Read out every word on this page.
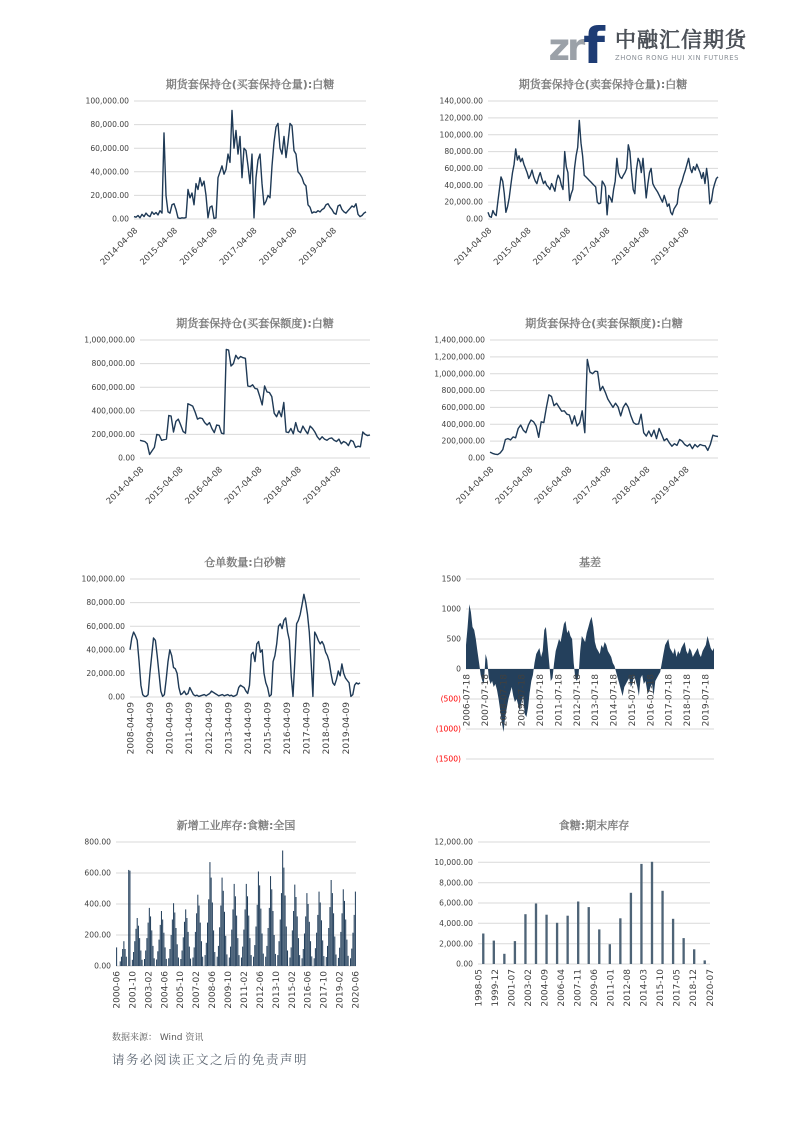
zr f 中融汇信期货
ZHONG RONG HUI XIN FUTURES
期货套保持仓(买套保持仓量):白糖
0.00
20,000.00
40,000.00
60,000.00
80,000.00
100,000.00
2014-04-08
2015-04-08
2016-04-08
2017-04-08
2018-04-08
2019-04-08
期货套保持仓(卖套保持仓量):白糖
0.00
20,000.00
40,000.00
60,000.00
80,000.00
100,000.00
120,000.00
140,000.00
2014-04-08
2015-04-08
2016-04-08
2017-04-08
2018-04-08
2019-04-08
期货套保持仓(买套保额度):白糖
0.00
200,000.00
400,000.00
600,000.00
800,000.00
1,000,000.00
2014-04-08
2015-04-08
2016-04-08
2017-04-08
2018-04-08
2019-04-08
期货套保持仓(卖套保额度):白糖
0.00
200,000.00
400,000.00
600,000.00
800,000.00
1,000,000.00
1,200,000.00
1,400,000.00
2014-04-08
2015-04-08
2016-04-08
2017-04-08
2018-04-08
2019-04-08
仓单数量:白砂糖
0.00
20,000.00
40,000.00
60,000.00
80,000.00
100,000.00
2008-04-09 2009-04-09 2010-04-09 2011-04-09 2012-04-09 2013-04-09 2014-04-09 2015-04-09 2016-04-09 2017-04-09 2018-04-09 2019-04-09
基差
(1500)
(1000)
(500)
0
500
1000
1500
2006-07-18 2007-07-18 2008-07-18 2009-07-18 2010-07-18 2011-07-18 2012-07-18 2013-07-18 2014-07-18 2015-07-18 2016-07-18 2017-07-18 2018-07-18 2019-07-18
新增工业库存:食糖:全国
0.00
200.00
400.00
600.00
800.00
2000-06 2001-10 2003-02 2004-06 2005-10 2007-02 2008-06 2009-10 2011-02 2012-06 2013-10 2015-02 2016-06 2017-10 2019-02 2020-06
食糖:期末库存
0.00
2,000.00
4,000.00
6,000.00
8,000.00
10,000.00
12,000.00
1998-05 1999-12 2001-07 2003-02 2004-09 2006-04 2007-11 2009-06 2011-01 2012-08 2014-03 2015-10 2017-05 2018-12 2020-07
数据来源： Wind 资讯
请务必阅读正文之后的免责声明
